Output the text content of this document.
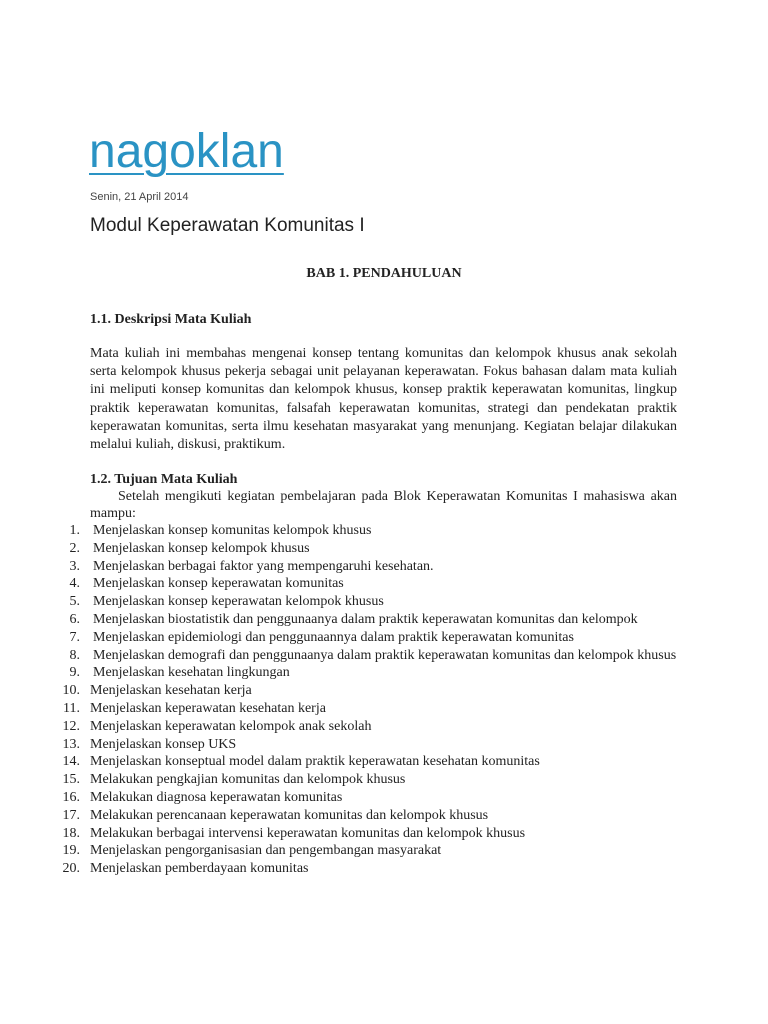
nagoklan
Senin, 21 April 2014
Modul Keperawatan Komunitas I
BAB 1. PENDAHULUAN
1.1. Deskripsi Mata Kuliah
Mata kuliah ini membahas mengenai konsep tentang komunitas dan kelompok khusus anak sekolah serta kelompok khusus pekerja sebagai unit pelayanan keperawatan. Fokus bahasan dalam mata kuliah ini meliputi konsep komunitas dan kelompok khusus, konsep praktik keperawatan komunitas, lingkup praktik keperawatan komunitas, falsafah keperawatan komunitas, strategi dan pendekatan praktik keperawatan komunitas, serta ilmu kesehatan masyarakat yang menunjang. Kegiatan belajar dilakukan melalui kuliah, diskusi, praktikum.
1.2. Tujuan Mata Kuliah
Setelah mengikuti kegiatan pembelajaran pada Blok Keperawatan Komunitas I mahasiswa akan mampu:
1. Menjelaskan konsep komunitas kelompok khusus
2. Menjelaskan konsep kelompok khusus
3. Menjelaskan berbagai faktor yang mempengaruhi kesehatan.
4. Menjelaskan konsep keperawatan komunitas
5. Menjelaskan konsep keperawatan kelompok khusus
6. Menjelaskan biostatistik dan penggunaanya dalam praktik keperawatan komunitas dan kelompok
7. Menjelaskan epidemiologi dan penggunaannya dalam praktik keperawatan komunitas
8. Menjelaskan demografi dan penggunaanya dalam praktik keperawatan komunitas dan kelompok khusus
9. Menjelaskan kesehatan lingkungan
10. Menjelaskan kesehatan kerja
11. Menjelaskan keperawatan kesehatan kerja
12. Menjelaskan keperawatan kelompok anak sekolah
13. Menjelaskan konsep UKS
14. Menjelaskan konseptual model dalam praktik keperawatan kesehatan komunitas
15. Melakukan pengkajian komunitas dan kelompok khusus
16. Melakukan diagnosa keperawatan komunitas
17. Melakukan perencanaan keperawatan komunitas dan kelompok khusus
18. Melakukan berbagai intervensi keperawatan komunitas dan kelompok khusus
19. Menjelaskan pengorganisasian dan pengembangan masyarakat
20. Menjelaskan pemberdayaan komunitas
